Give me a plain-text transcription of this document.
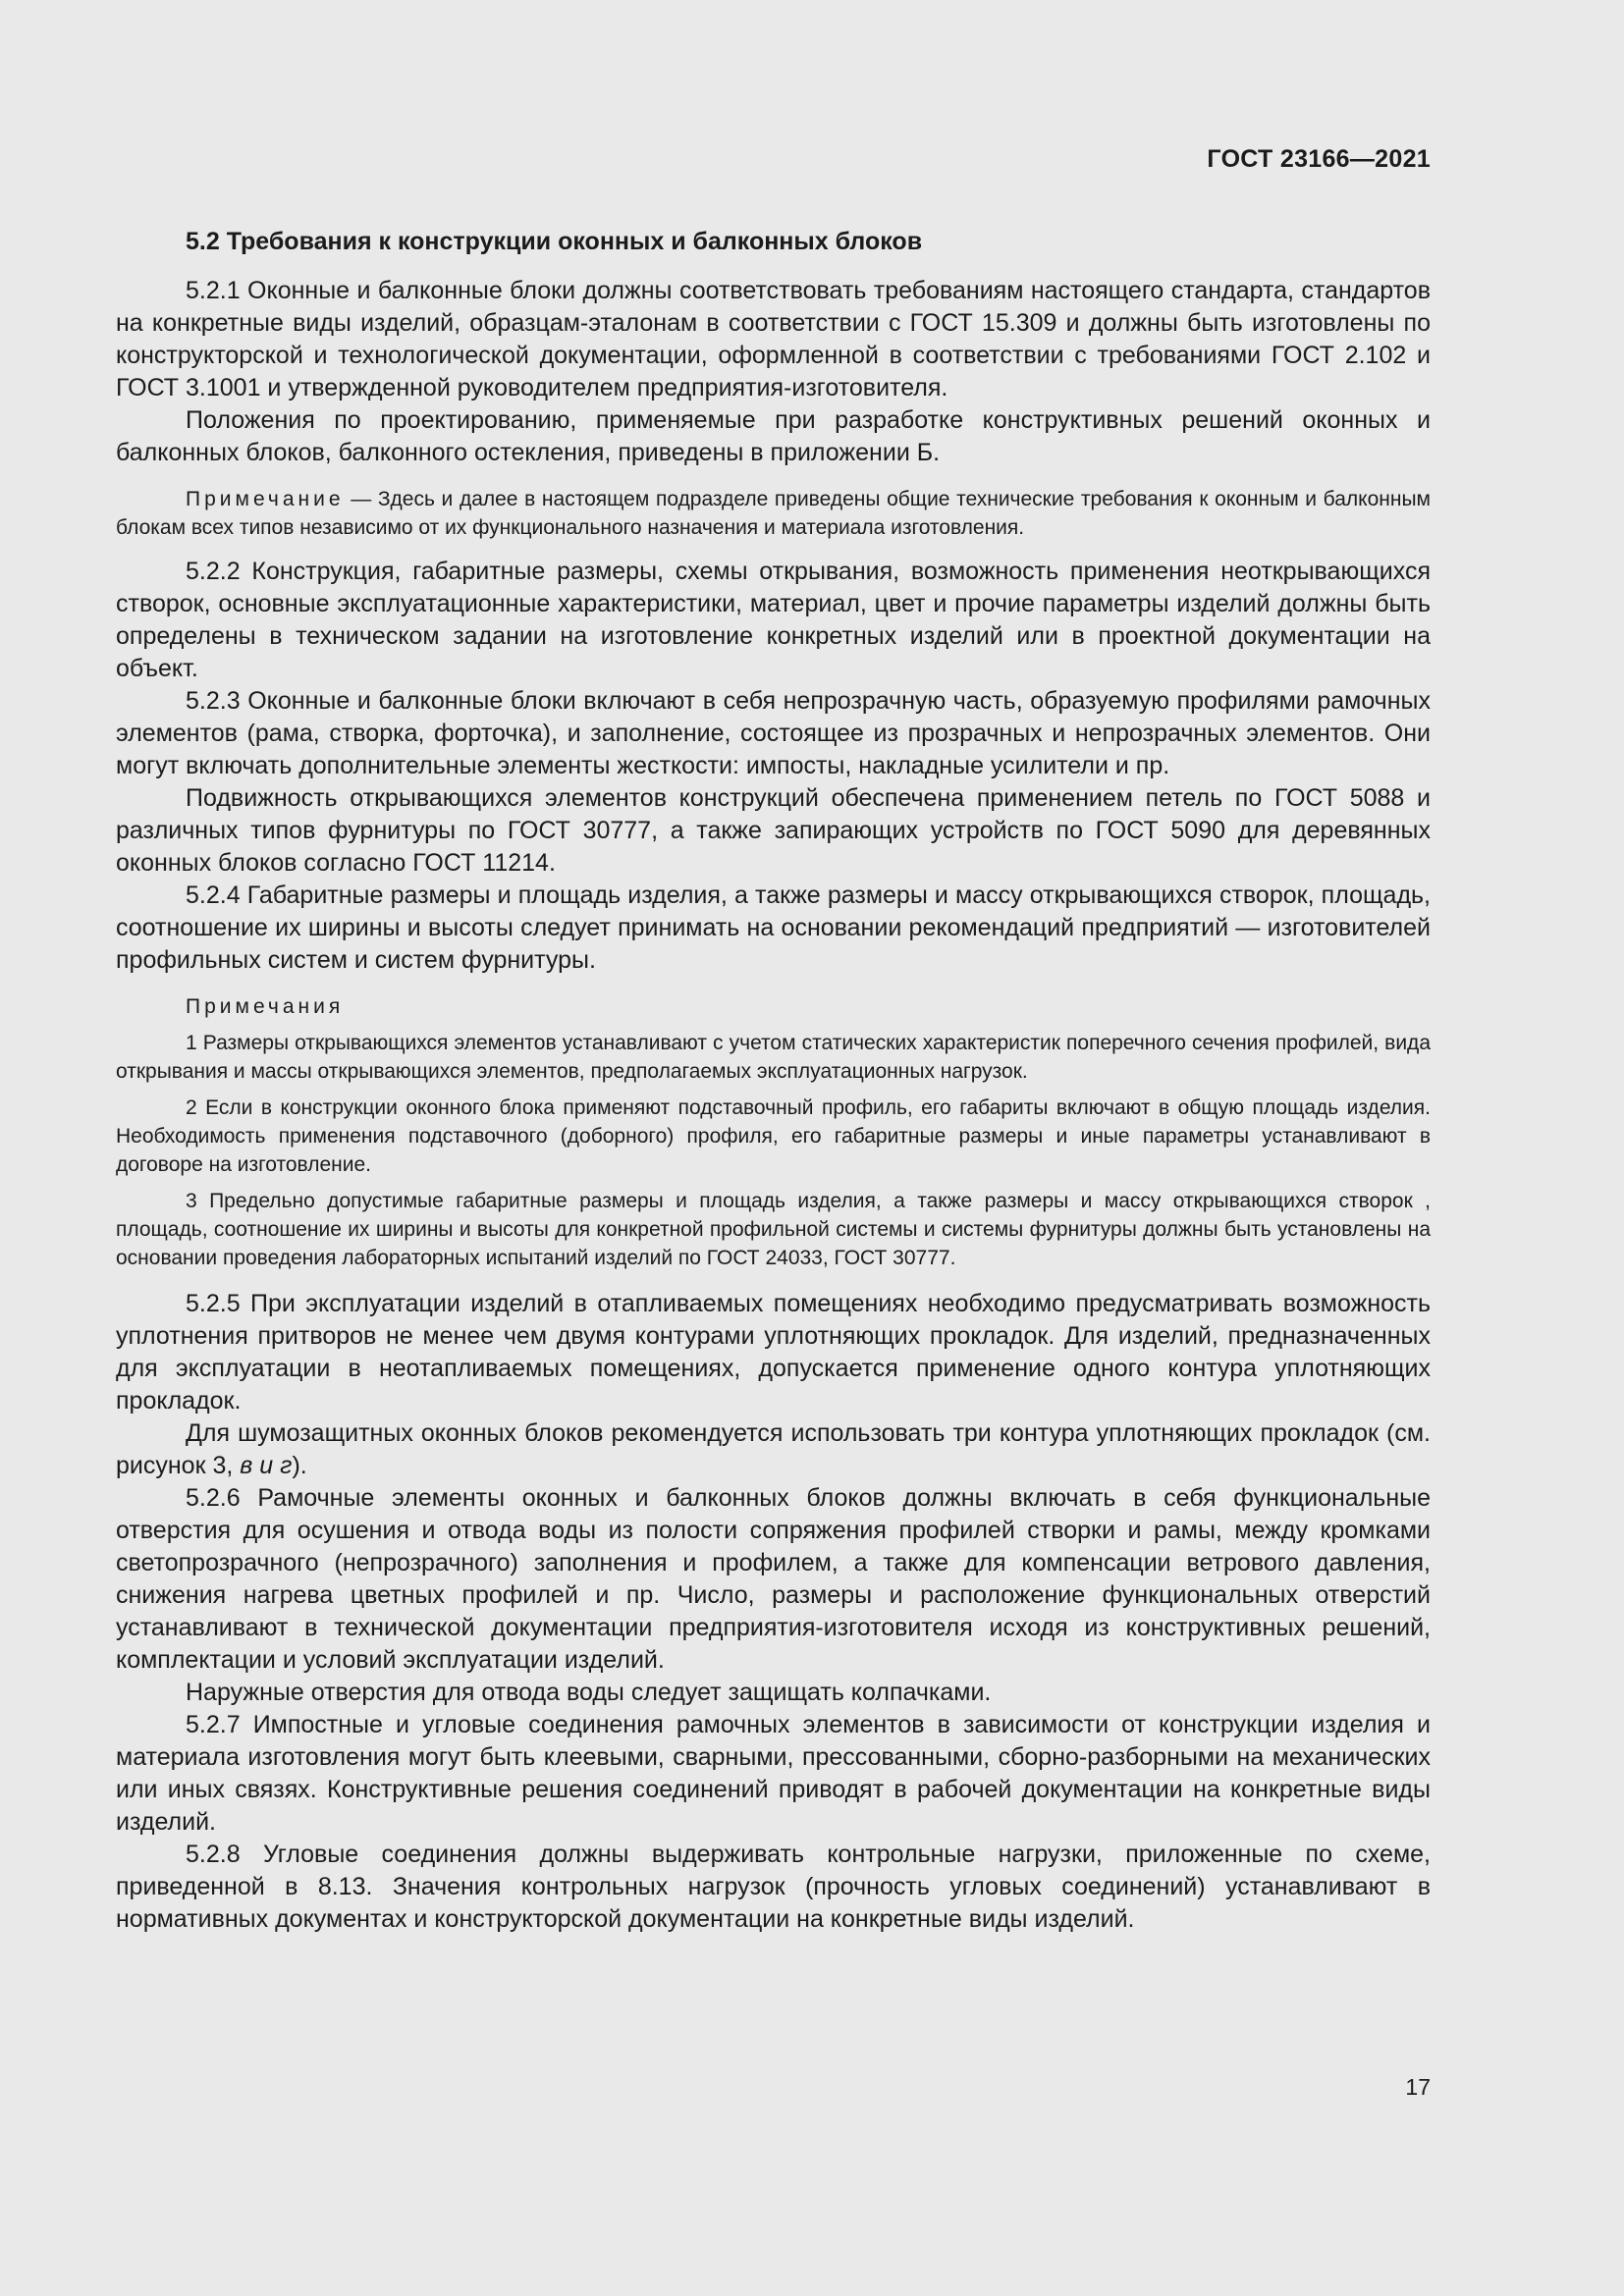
ГОСТ 23166—2021
5.2 Требования к конструкции оконных и балконных блоков

5.2.1 Оконные и балконные блоки должны соответствовать требованиям настоящего стандарта, стандартов на конкретные виды изделий, образцам-эталонам в соответствии с ГОСТ 15.309 и должны быть изготовлены по конструкторской и технологической документации, оформленной в соответствии с требованиями ГОСТ 2.102 и ГОСТ 3.1001 и утвержденной руководителем предприятия-изготовителя.

Положения по проектированию, применяемые при разработке конструктивных решений оконных и балконных блоков, балконного остекления, приведены в приложении Б.

Примечание — Здесь и далее в настоящем подразделе приведены общие технические требования к оконным и балконным блокам всех типов независимо от их функционального назначения и материала изготовления.

5.2.2 Конструкция, габаритные размеры, схемы открывания, возможность применения неоткрывающихся створок, основные эксплуатационные характеристики, материал, цвет и прочие параметры изделий должны быть определены в техническом задании на изготовление конкретных изделий или в проектной документации на объект.

5.2.3 Оконные и балконные блоки включают в себя непрозрачную часть, образуемую профилями рамочных элементов (рама, створка, форточка), и заполнение, состоящее из прозрачных и непрозрачных элементов. Они могут включать дополнительные элементы жесткости: импосты, накладные усилители и пр.

Подвижность открывающихся элементов конструкций обеспечена применением петель по ГОСТ 5088 и различных типов фурнитуры по ГОСТ 30777, а также запирающих устройств по ГОСТ 5090 для деревянных оконных блоков согласно ГОСТ 11214.

5.2.4 Габаритные размеры и площадь изделия, а также размеры и массу открывающихся створок, площадь, соотношение их ширины и высоты следует принимать на основании рекомендаций предприятий — изготовителей профильных систем и систем фурнитуры.

Примечания

1 Размеры открывающихся элементов устанавливают с учетом статических характеристик поперечного сечения профилей, вида открывания и массы открывающихся элементов, предполагаемых эксплуатационных нагрузок.

2 Если в конструкции оконного блока применяют подставочный профиль, его габариты включают в общую площадь изделия. Необходимость применения подставочного (доборного) профиля, его габаритные размеры и иные параметры устанавливают в договоре на изготовление.

3 Предельно допустимые габаритные размеры и площадь изделия, а также размеры и массу открывающихся створок , площадь, соотношение их ширины и высоты для конкретной профильной системы и системы фурнитуры должны быть установлены на основании проведения лабораторных испытаний изделий по ГОСТ 24033, ГОСТ 30777.

5.2.5 При эксплуатации изделий в отапливаемых помещениях необходимо предусматривать возможность уплотнения притворов не менее чем двумя контурами уплотняющих прокладок. Для изделий, предназначенных для эксплуатации в неотапливаемых помещениях, допускается применение одного контура уплотняющих прокладок.

Для шумозащитных оконных блоков рекомендуется использовать три контура уплотняющих прокладок (см. рисунок 3, в и г).

5.2.6 Рамочные элементы оконных и балконных блоков должны включать в себя функциональные отверстия для осушения и отвода воды из полости сопряжения профилей створки и рамы, между кромками светопрозрачного (непрозрачного) заполнения и профилем, а также для компенсации ветрового давления, снижения нагрева цветных профилей и пр. Число, размеры и расположение функциональных отверстий устанавливают в технической документации предприятия-изготовителя исходя из конструктивных решений, комплектации и условий эксплуатации изделий.

Наружные отверстия для отвода воды следует защищать колпачками.

5.2.7 Импостные и угловые соединения рамочных элементов в зависимости от конструкции изделия и материала изготовления могут быть клеевыми, сварными, прессованными, сборно-разборными на механических или иных связях. Конструктивные решения соединений приводят в рабочей документации на конкретные виды изделий.

5.2.8 Угловые соединения должны выдерживать контрольные нагрузки, приложенные по схеме, приведенной в 8.13. Значения контрольных нагрузок (прочность угловых соединений) устанавливают в нормативных документах и конструкторской документации на конкретные виды изделий.

17
